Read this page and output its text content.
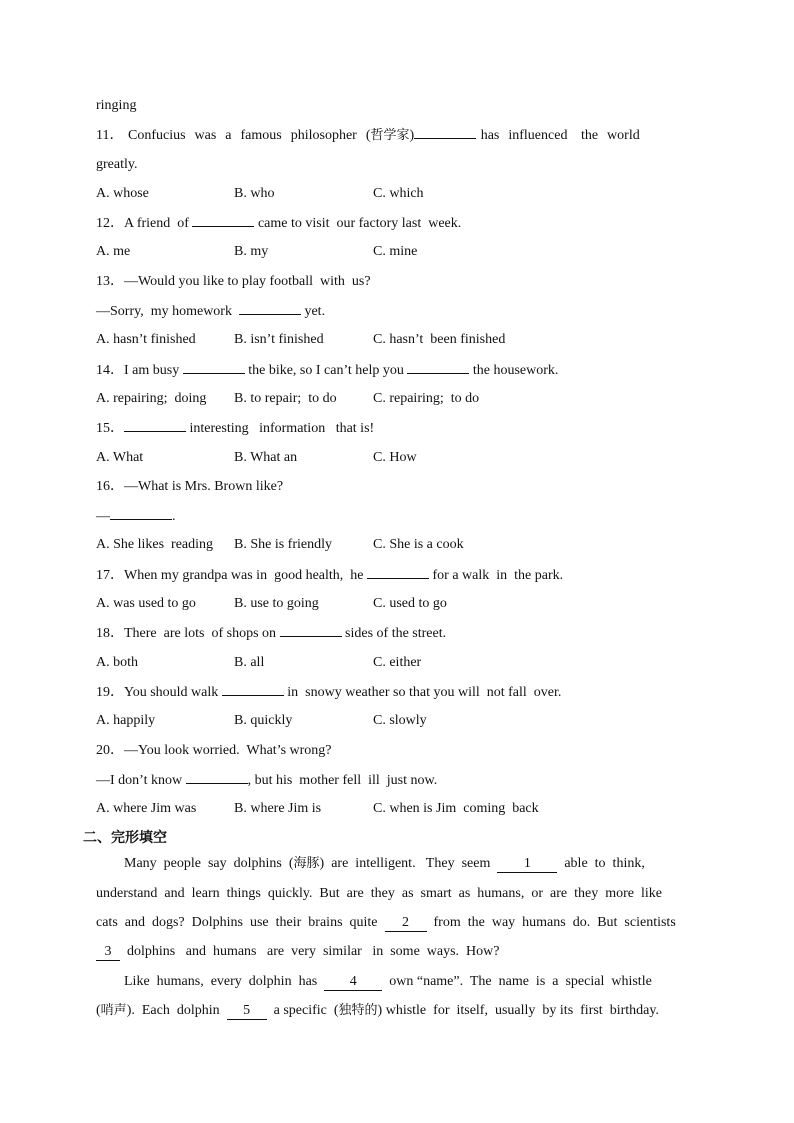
ringing
11． Confucius  was  a  famous  philosopher  (哲学家)	has  influenced   the  world
greatly.
A. whose	B. who	C. which
12．A friend  of	came to visit  our factory last  week.
A. me	B. my	C. mine
13．—Would you like to play football  with  us?
—Sorry,  my homework	yet.
A. hasn’t finished	B. isn’t finished	C. hasn’t  been finished
14．I am busy	the bike, so I can’t help you	the housework.
A. repairing;  doing B. to repair;  to do	C. repairing;  to do
15．	interesting   information   that is!
A. What	B. What an	C. How
16．—What is Mrs. Brown like?
—	.
A. She likes  reading B. She is friendly	C. She is a cook
17．When my grandpa was in  good health,  he	for a walk  in  the park.
A. was used to go	B. use to going	C. used to go
18．There  are lots  of shops on	sides of the street.
A. both	B. all	C. either
19．You should walk	in  snowy weather so that you will  not fall  over.
A. happily	B. quickly	C. slowly
20．—You look worried.  What’s wrong?
—I don’t know	, but his  mother fell  ill  just now.
A. where Jim was	B. where Jim is	C. when is Jim  coming  back
二、完形填空
Many  people  say  dolphins  (海豚)  are  intelligent.   They  seem  1  able  to  think,
understand  and  learn  things  quickly.  But  are  they  as  smart  as  humans,  or  are  they  more  like
cats  and  dogs?  Dolphins  use  their  brains  quite  2  from  the  way  humans  do.  But  scientists
3  dolphins   and  humans   are  very  similar   in  some  ways.  How?
Like  humans,  every  dolphin  has  4  own “name”.  The  name  is  a  special  whistle
(哨声).  Each  dolphin  5  a specific  (独特的) whistle  for  itself,  usually  by its  first  birthday.
